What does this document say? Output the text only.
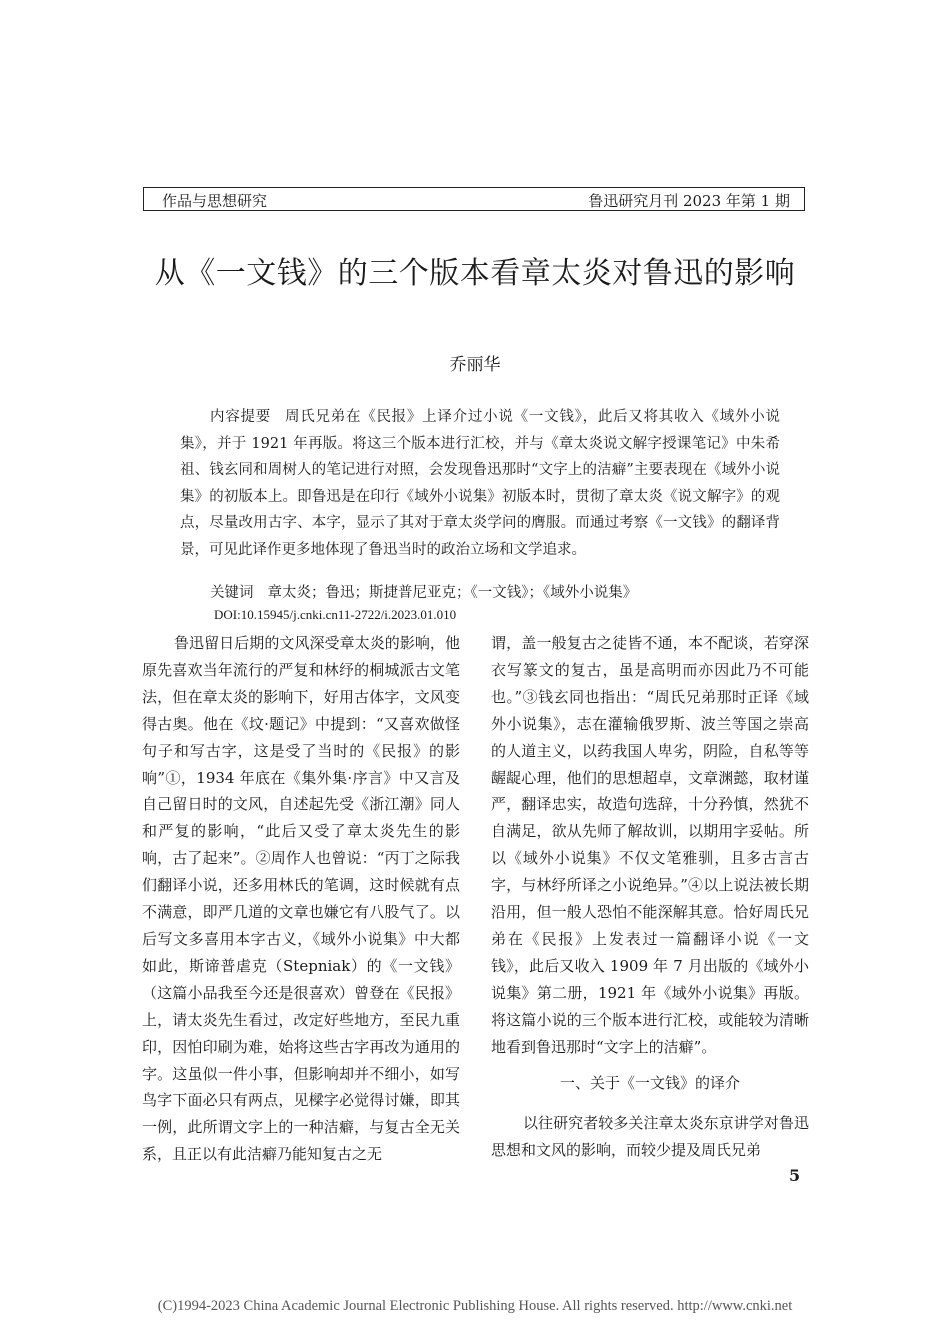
作品与思想研究	鲁迅研究月刊 2023 年第 1 期
从《一文钱》的三个版本看章太炎对鲁迅的影响
乔丽华
内容提要 周氏兄弟在《民报》上译介过小说《一文钱》，此后又将其收入《域外小说集》，并于 1921 年再版。将这三个版本进行汇校，并与《章太炎说文解字授课笔记》中朱希祖、钱玄同和周树人的笔记进行对照，会发现鲁迅那时“文字上的洁癖”主要表现在《域外小说集》的初版本上。即鲁迅是在印行《域外小说集》初版本时，贯彻了章太炎《说文解字》的观点，尽量改用古字、本字，显示了其对于章太炎学问的膺服。而通过考察《一文钱》的翻译背景，可见此译作更多地体现了鲁迅当时的政治立场和文学追求。
关键词 章太炎；鲁迅；斯捷普尼亚克；《一文钱》；《域外小说集》
DOI:10.15945/j.cnki.cn11-2722/i.2023.01.010

鲁迅留日后期的文风深受章太炎的影响，他原先喜欢当年流行的严复和林纾的桐城派古文笔法，但在章太炎的影响下，好用古体字，文风变得古奥。他在《坟·题记》中提到：“又喜欢做怪句子和写古字，这是受了当时的《民报》的影响”①，1934 年底在《集外集·序言》中又言及自己留日时的文风，自述起先受《浙江潮》同人和严复的影响，“此后又受了章太炎先生的影响，古了起来”。②周作人也曾说：“丙丁之际我们翻译小说，还多用林氏的笔调，这时候就有点不满意，即严几道的文章也嫌它有八股气了。以后写文多喜用本字古义，《域外小说集》中大都如此，斯谛普虐克（Stepniak）的《一文钱》（这篇小品我至今还是很喜欢）曾登在《民报》上，请太炎先生看过，改定好些地方，至民九重印，因怕印刷为难，始将这些古字再改为通用的字。这虽似一件小事，但影响却并不细小，如写鸟字下面必只有两点，见樑字必觉得讨嫌，即其一例，此所谓文字上的一种洁癖，与复古全无关系，且正以有此洁癖乃能知复古之无

谓，盖一般复古之徒皆不通，本不配谈，若穿深衣写篆文的复古，虽是高明而亦因此乃不可能也。”③钱玄同也指出：“周氏兄弟那时正译《域外小说集》，志在灌输俄罗斯、波兰等国之崇高的人道主义，以药我国人卑劣，阴险，自私等等龌龊心理，他们的思想超卓，文章渊懿，取材谨严，翻译忠实，故造句选辞，十分矜慎，然犹不自满足，欲从先师了解故训，以期用字妥帖。所以《域外小说集》不仅文笔雅驯，且多古言古字，与林纾所译之小说绝异。”④以上说法被长期沿用，但一般人恐怕不能深解其意。恰好周氏兄弟在《民报》上发表过一篇翻译小说《一文钱》，此后又收入 1909 年 7 月出版的《域外小说集》第二册，1921 年《域外小说集》再版。将这篇小说的三个版本进行汇校，或能较为清晰地看到鲁迅那时“文字上的洁癖”。

一、关于《一文钱》的译介

以往研究者较多关注章太炎东京讲学对鲁迅思想和文风的影响，而较少提及周氏兄弟

5
(C)1994-2023 China Academic Journal Electronic Publishing House. All rights reserved. http://www.cnki.net
